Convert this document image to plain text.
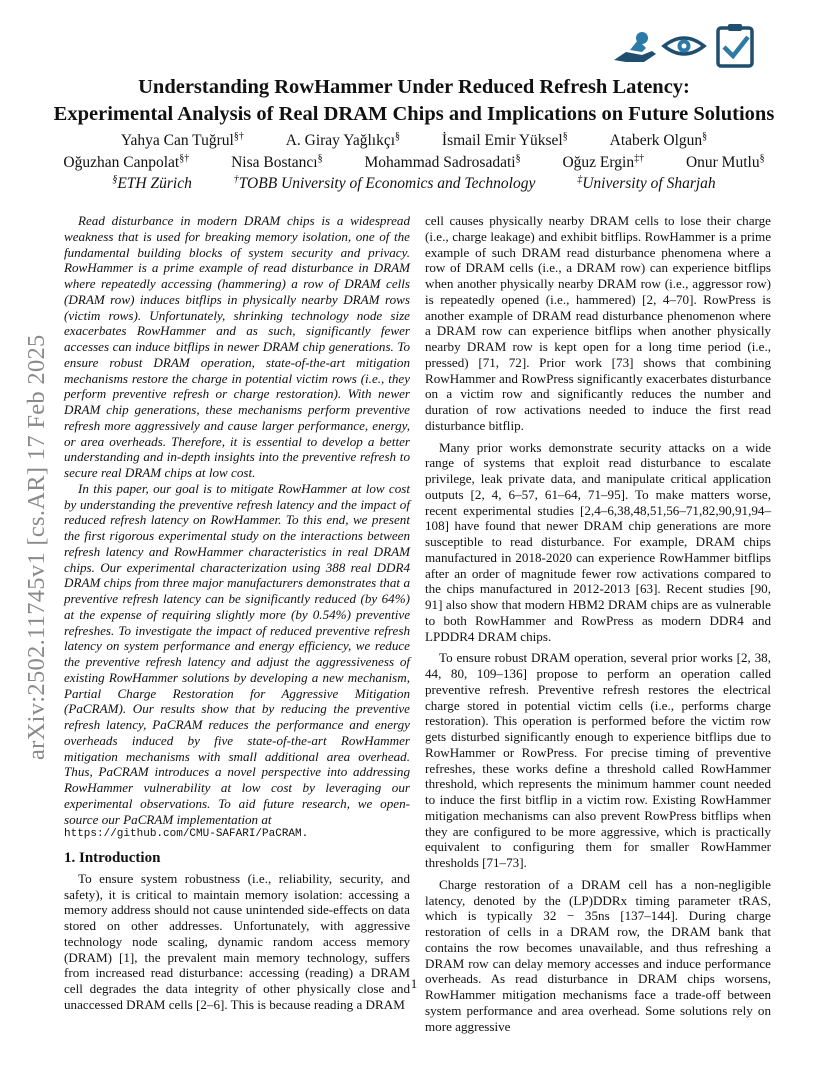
arXiv:2502.11745v1 [cs.AR] 17 Feb 2025
Understanding RowHammer Under Reduced Refresh Latency:
Experimental Analysis of Real DRAM Chips and Implications on Future Solutions
Yahya Can Tuğrul§†	A. Giray Yağlıkçı§	İsmail Emir Yüksel§	Ataberk Olgun§
Oğuzhan Canpolat§†	Nisa Bostancı§	Mohammad Sadrosadati§	Oğuz Ergin‡†	Onur Mutlu§
§ETH Zürich	†TOBB University of Economics and Technology	‡University of Sharjah

Read disturbance in modern DRAM chips is a widespread weakness that is used for breaking memory isolation, one of the fundamental building blocks of system security and privacy. RowHammer is a prime example of read disturbance in DRAM where repeatedly accessing (hammering) a row of DRAM cells (DRAM row) induces bitflips in physically nearby DRAM rows (victim rows). Unfortunately, shrinking technology node size exacerbates RowHammer and as such, significantly fewer accesses can induce bitflips in newer DRAM chip generations. To ensure robust DRAM operation, state-of-the-art mitigation mechanisms restore the charge in potential victim rows (i.e., they perform preventive refresh or charge restoration). With newer DRAM chip generations, these mechanisms perform preventive refresh more aggressively and cause larger performance, energy, or area overheads. Therefore, it is essential to develop a better understanding and in-depth insights into the preventive refresh to secure real DRAM chips at low cost.

In this paper, our goal is to mitigate RowHammer at low cost by understanding the preventive refresh latency and the impact of reduced refresh latency on RowHammer. To this end, we present the first rigorous experimental study on the interactions between refresh latency and RowHammer characteristics in real DRAM chips. Our experimental characterization using 388 real DDR4 DRAM chips from three major manufacturers demonstrates that a preventive refresh latency can be significantly reduced (by 64%) at the expense of requiring slightly more (by 0.54%) preventive refreshes. To investigate the impact of reduced preventive refresh latency on system performance and energy efficiency, we reduce the preventive refresh latency and adjust the aggressiveness of existing RowHammer solutions by developing a new mechanism, Partial Charge Restoration for Aggressive Mitigation (PaCRAM). Our results show that by reducing the preventive refresh latency, PaCRAM reduces the performance and energy overheads induced by five state-of-the-art RowHammer mitigation mechanisms with small additional area overhead. Thus, PaCRAM introduces a novel perspective into addressing RowHammer vulnerability at low cost by leveraging our experimental observations. To aid future research, we open-source our PaCRAM implementation at

https://github.com/CMU-SAFARI/PaCRAM.

1. Introduction

To ensure system robustness (i.e., reliability, security, and safety), it is critical to maintain memory isolation: accessing a memory address should not cause unintended side-effects on data stored on other addresses. Unfortunately, with aggressive technology node scaling, dynamic random access memory (DRAM) [1], the prevalent main memory technology, suffers from increased read disturbance: accessing (reading) a DRAM cell degrades the data integrity of other physically close and unaccessed DRAM cells [2–6]. This is because reading a DRAM

cell causes physically nearby DRAM cells to lose their charge (i.e., charge leakage) and exhibit bitflips. RowHammer is a prime example of such DRAM read disturbance phenomena where a row of DRAM cells (i.e., a DRAM row) can experience bitflips when another physically nearby DRAM row (i.e., aggressor row) is repeatedly opened (i.e., hammered) [2, 4–70]. RowPress is another example of DRAM read disturbance phenomenon where a DRAM row can experience bitflips when another physically nearby DRAM row is kept open for a long time period (i.e., pressed) [71, 72]. Prior work [73] shows that combining RowHammer and RowPress significantly exacerbates disturbance on a victim row and significantly reduces the number and duration of row activations needed to induce the first read disturbance bitflip.

Many prior works demonstrate security attacks on a wide range of systems that exploit read disturbance to escalate privilege, leak private data, and manipulate critical application outputs [2, 4, 6–57, 61–64, 71–95]. To make matters worse, recent experimental studies [2,4–6,38,48,51,56–71,82,90,91,94–108] have found that newer DRAM chip generations are more susceptible to read disturbance. For example, DRAM chips manufactured in 2018-2020 can experience RowHammer bitflips after an order of magnitude fewer row activations compared to the chips manufactured in 2012-2013 [63]. Recent studies [90, 91] also show that modern HBM2 DRAM chips are as vulnerable to both RowHammer and RowPress as modern DDR4 and LPDDR4 DRAM chips.

To ensure robust DRAM operation, several prior works [2, 38, 44, 80, 109–136] propose to perform an operation called preventive refresh. Preventive refresh restores the electrical charge stored in potential victim cells (i.e., performs charge restoration). This operation is performed before the victim row gets disturbed significantly enough to experience bitflips due to RowHammer or RowPress. For precise timing of preventive refreshes, these works define a threshold called RowHammer threshold, which represents the minimum hammer count needed to induce the first bitflip in a victim row. Existing RowHammer mitigation mechanisms can also prevent RowPress bitflips when they are configured to be more aggressive, which is practically equivalent to configuring them for smaller RowHammer thresholds [71–73].

Charge restoration of a DRAM cell has a non-negligible latency, denoted by the (LP)DDRx timing parameter tRAS, which is typically 32 − 35ns [137–144]. During charge restoration of cells in a DRAM row, the DRAM bank that contains the row becomes unavailable, and thus refreshing a DRAM row can delay memory accesses and induce performance overheads. As read disturbance in DRAM chips worsens, RowHammer mitigation mechanisms face a trade-off between system performance and area overhead. Some solutions rely on more aggressive

1
